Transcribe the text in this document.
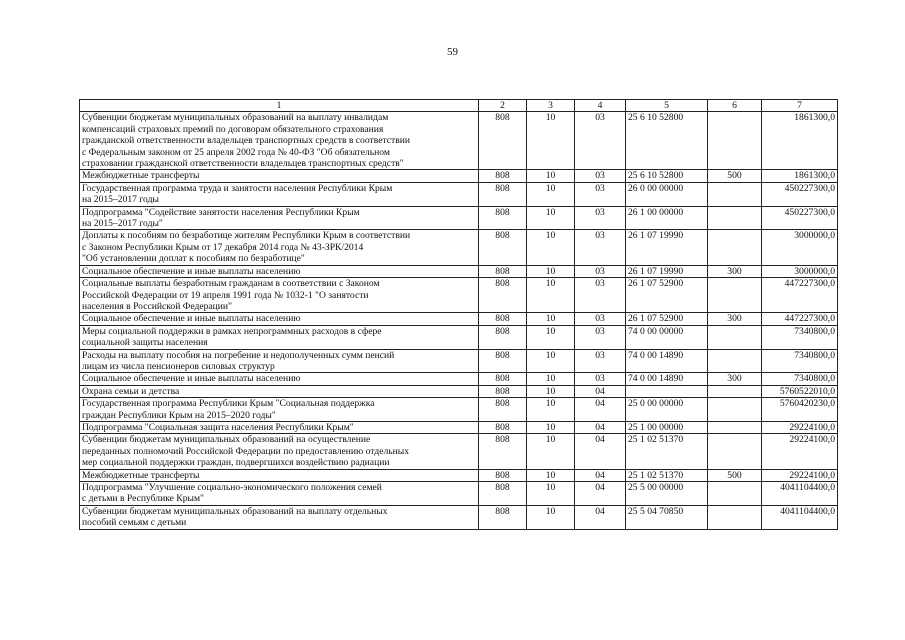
59
1	2	3	4	5	6	7

Субвенции бюджетам муниципальных образований на выплату инвалидам
компенсаций страховых премий по договорам обязательного страхования
гражданской ответственности владельцев транспортных средств в соответствии
с Федеральным законом от 25 апреля 2002 года № 40-ФЗ "Об обязательном
страховании гражданской ответственности владельцев транспортных средств"	808	10	03	25 6 10 52800		1861300,0

Межбюджетные трансферты	808	10	03	25 6 10 52800	500	1861300,0

Государственная программа труда и занятости населения Республики Крым
на 2015–2017 годы	808	10	03	26 0 00 00000		450227300,0

Подпрограмма "Содействие занятости населения Республики Крым
на 2015–2017 годы"	808	10	03	26 1 00 00000		450227300,0

Доплаты к пособиям по безработице жителям Республики Крым в соответствии
с Законом Республики Крым от 17 декабря 2014 года № 43-ЗРК/2014
"Об установлении доплат к пособиям по безработице"	808	10	03	26 1 07 19990		3000000,0

Социальное обеспечение и иные выплаты населению	808	10	03	26 1 07 19990	300	3000000,0

Социальные выплаты безработным гражданам в соответствии с Законом
Российской Федерации от 19 апреля 1991 года № 1032-1 "О занятости
населения в Российской Федерации"	808	10	03	26 1 07 52900		447227300,0

Социальное обеспечение и иные выплаты населению	808	10	03	26 1 07 52900	300	447227300,0

Меры социальной поддержки в рамках непрограммных расходов в сфере
социальной защиты населения	808	10	03	74 0 00 00000		7340800,0

Расходы на выплату пособия на погребение и недополученных сумм пенсий
лицам из числа пенсионеров силовых структур	808	10	03	74 0 00 14890		7340800,0

Социальное обеспечение и иные выплаты населению	808	10	03	74 0 00 14890	300	7340800,0

Охрана семьи и детства	808	10	04			5760522010,0

Государственная программа Республики Крым "Социальная поддержка
граждан Республики Крым на 2015–2020 годы"	808	10	04	25 0 00 00000		5760420230,0

Подпрограмма "Социальная защита населения Республики Крым"	808	10	04	25 1 00 00000		29224100,0

Субвенции бюджетам муниципальных образований на осуществление
переданных полномочий Российской Федерации по предоставлению отдельных
мер социальной поддержки граждан, подвергшихся воздействию радиации	808	10	04	25 1 02 51370		29224100,0

Межбюджетные трансферты	808	10	04	25 1 02 51370	500	29224100,0

Подпрограмма "Улучшение социально-экономического положения семей
с детьми в Республике Крым"	808	10	04	25 5 00 00000		4041104400,0

Субвенции бюджетам муниципальных образований на выплату отдельных
пособий семьям с детьми	808	10	04	25 5 04 70850		4041104400,0
